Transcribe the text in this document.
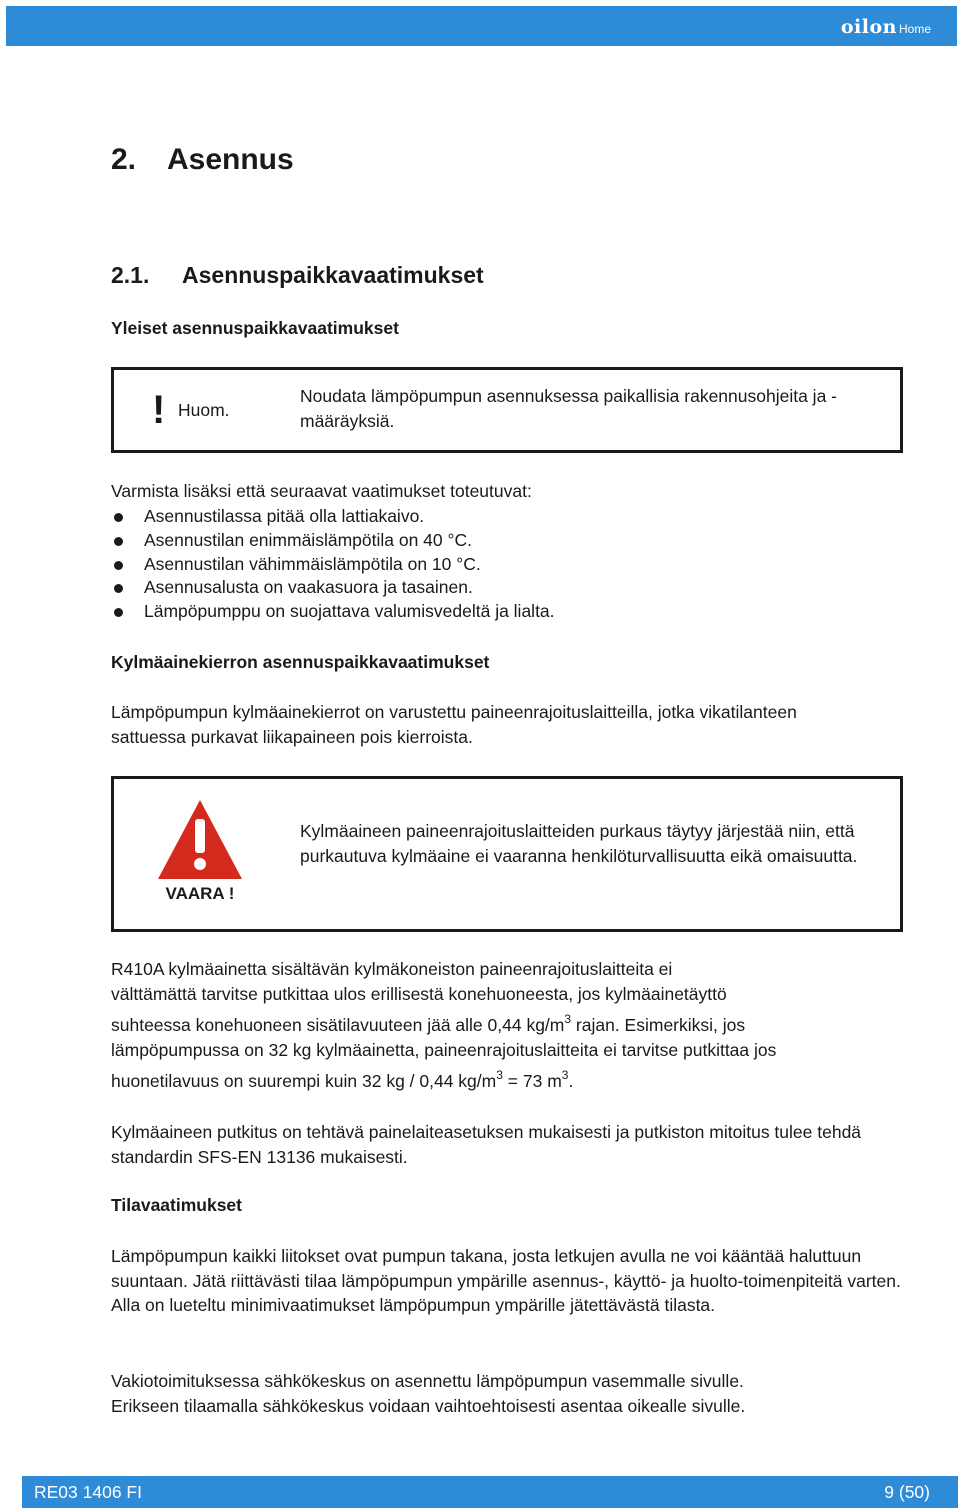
oilon Home
2. Asennus
2.1. Asennuspaikkavaatimukset
Yleiset asennuspaikkavaatimukset
! Huom.
Noudata lämpöpumpun asennuksessa paikallisia rakennusohjeita ja -määräyksiä.

Varmista lisäksi että seuraavat vaatimukset toteutuvat:

Asennustilassa pitää olla lattiakaivo.
Asennustilan enimmäislämpötila on 40 °C.
Asennustilan vähimmäislämpötila on 10 °C.
Asennusalusta on vaakasuora ja tasainen.
Lämpöpumppu on suojattava valumisvedeltä ja lialta.
Kylmäainekierron asennuspaikkavaatimukset

Lämpöpumpun kylmäainekierrot on varustettu paineenrajoituslaitteilla, jotka vikatilanteen sattuessa purkavat liikapaineen pois kierroista.

VAARA !
Kylmäaineen paineenrajoituslaitteiden purkaus täytyy järjestää niin, että purkautuva kylmäaine ei vaaranna henkilöturvallisuutta eikä omaisuutta.
R410A kylmäainetta sisältävän kylmäkoneiston paineenrajoituslaitteita ei
välttämättä tarvitse putkittaa ulos erillisestä konehuoneesta, jos kylmäainetäyttö
suhteessa konehuoneen sisätilavuuteen jää alle 0,44 $kg/m^3$ rajan. Esimerkiksi, jos
lämpöpumpussa on 32 kg kylmäainetta, paineenrajoituslaitteita ei tarvitse putkittaa jos
huonetilavuus on suurempi kuin 32 kg / 0,44 $kg/m^3 = 73$ $m^3$.

Kylmäaineen putkitus on tehtävä painelaiteasetuksen mukaisesti ja putkiston mitoitus tulee tehdä standardin SFS-EN 13136 mukaisesti.

Tilavaatimukset

Lämpöpumpun kaikki liitokset ovat pumpun takana, josta letkujen avulla ne voi kääntää haluttuun suuntaan. Jätä riittävästi tilaa lämpöpumpun ympärille asennus-, käyttö- ja huolto-toimenpiteitä varten. Alla on lueteltu minimivaatimukset lämpöpumpun ympärille jätettävästä tilasta.

Vakiotoimituksessa sähkökeskus on asennettu lämpöpumpun vasemmalle sivulle.
Erikseen tilaamalla sähkökeskus voidaan vaihtoehtoisesti asentaa oikealle sivulle.
RE03 1406 FI	9 (50)
